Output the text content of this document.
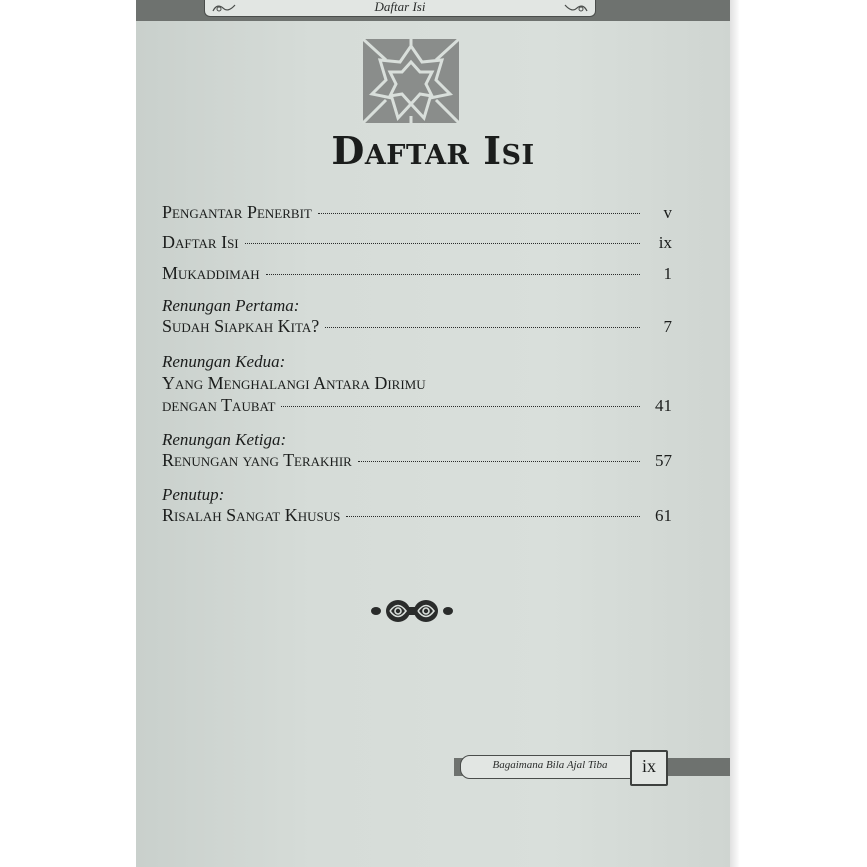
Daftar Isi
Daftar Isi
Pengantar Penerbit	v
Daftar Isi	ix
Mukaddimah	1
Renungan Pertama:
Sudah Siapkah Kita?	7
Renungan Kedua:
Yang Menghalangi Antara Dirimu
dengan Taubat	41
Renungan Ketiga:
Renungan yang Terakhir	57
Penutup:
Risalah Sangat Khusus	61
Bagaimana Bila Ajal Tiba	ix
